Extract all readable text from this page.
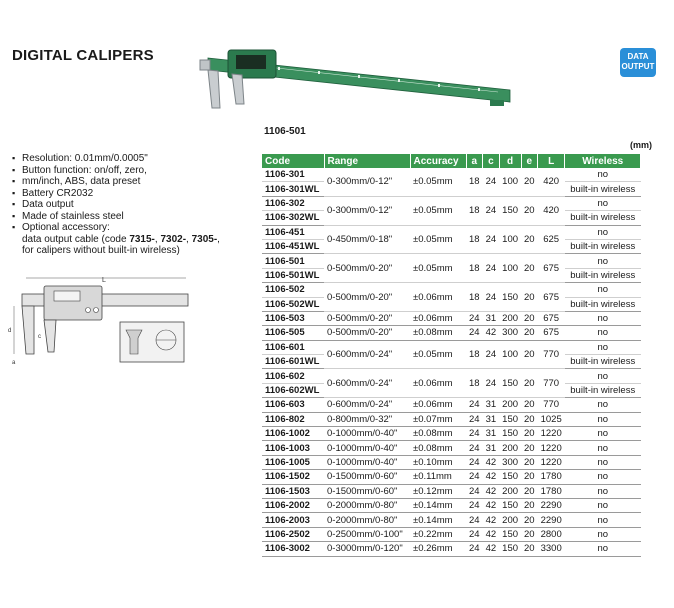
DIGITAL CALIPERS	DATA
OUTPUT
1106-501
▪ Resolution: 0.01mm/0.0005"
▪ Button function: on/off, zero,
▪ mm/inch, ABS, data preset
▪ Battery CR2032
▪ Data output
▪ Made of stainless steel
▪ Optional accessory:
data output cable (code 7315-, 7302-, 7305-,
for calipers without built-in wireless)
L
d
a
c
(mm)
Code	Range	Accuracy	a	c	d	e	L	Wireless
1106-301	0-300mm/0-12"	±0.05mm	18	24	100	20	420	no
1106-301WL								built-in wireless
1106-302	0-300mm/0-12"	±0.05mm	18	24	150	20	420	no
1106-302WL								built-in wireless
1106-451	0-450mm/0-18"	±0.05mm	18	24	100	20	625	no
1106-451WL								built-in wireless
1106-501	0-500mm/0-20"	±0.05mm	18	24	100	20	675	no
1106-501WL								built-in wireless
1106-502	0-500mm/0-20"	±0.06mm	18	24	150	20	675	no
1106-502WL								built-in wireless
1106-503	0-500mm/0-20"	±0.06mm	24	31	200	20	675	no
1106-505	0-500mm/0-20"	±0.08mm	24	42	300	20	675	no
1106-601	0-600mm/0-24"	±0.05mm	18	24	100	20	770	no
1106-601WL								built-in wireless
1106-602	0-600mm/0-24"	±0.06mm	18	24	150	20	770	no
1106-602WL								built-in wireless
1106-603	0-600mm/0-24"	±0.06mm	24	31	200	20	770	no
1106-802	0-800mm/0-32"	±0.07mm	24	31	150	20	1025	no
1106-1002	0-1000mm/0-40"	±0.08mm	24	31	150	20	1220	no
1106-1003	0-1000mm/0-40"	±0.08mm	24	31	200	20	1220	no
1106-1005	0-1000mm/0-40"	±0.10mm	24	42	300	20	1220	no
1106-1502	0-1500mm/0-60"	±0.11mm	24	42	150	20	1780	no
1106-1503	0-1500mm/0-60"	±0.12mm	24	42	200	20	1780	no
1106-2002	0-2000mm/0-80"	±0.14mm	24	42	150	20	2290	no
1106-2003	0-2000mm/0-80"	±0.14mm	24	42	200	20	2290	no
1106-2502	0-2500mm/0-100"	±0.22mm	24	42	150	20	2800	no
1106-3002	0-3000mm/0-120"	±0.26mm	24	42	150	20	3300	no
